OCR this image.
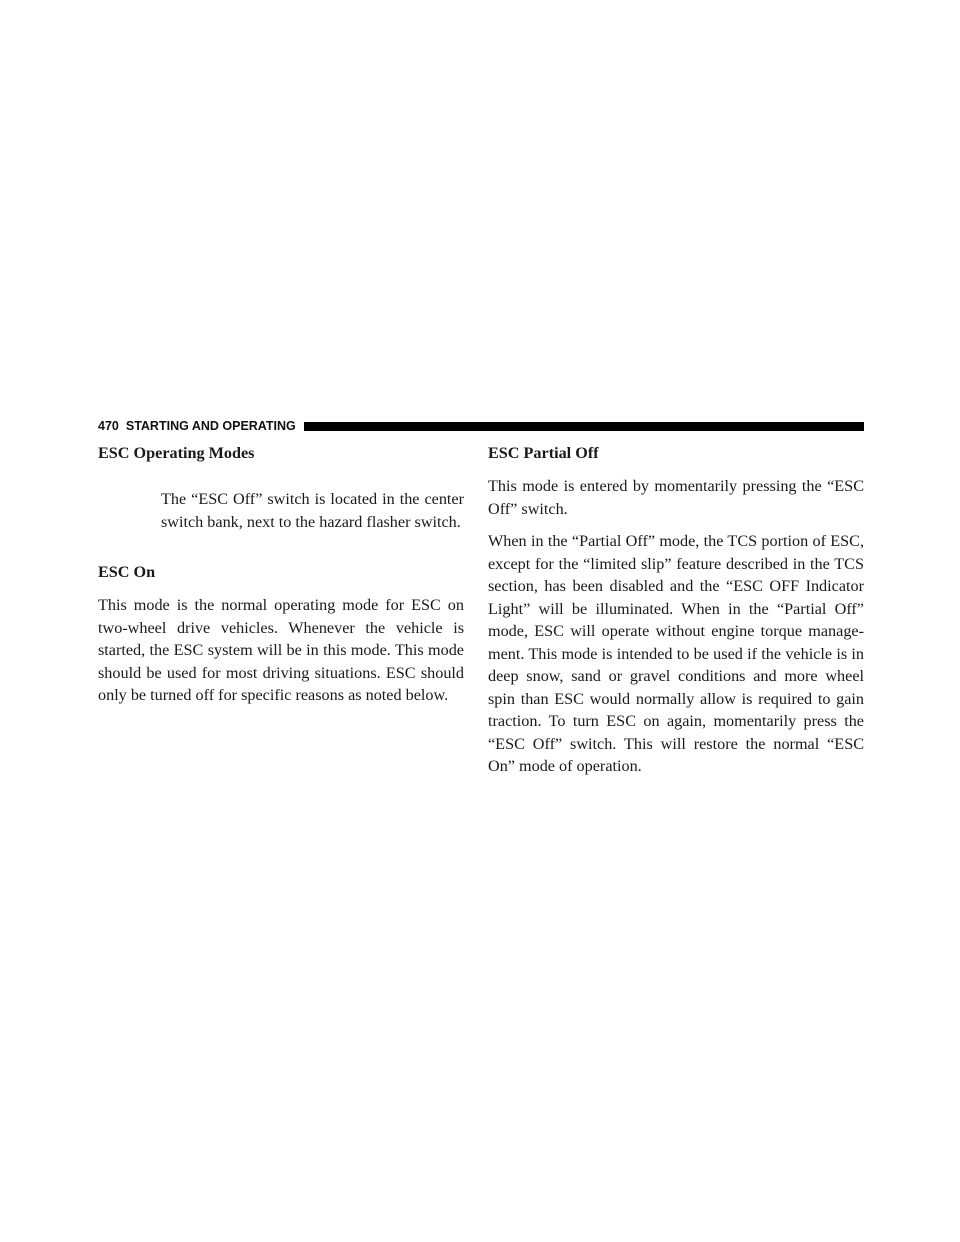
470 STARTING AND OPERATING
ESC Operating Modes

The “ESC Off” switch is located in the center switch bank, next to the hazard flasher switch.

ESC On

This mode is the normal operating mode for ESC on two-wheel drive vehicles. Whenever the vehicle is started, the ESC system will be in this mode. This mode should be used for most driving situations. ESC should only be turned off for specific reasons as noted below.

ESC Partial Off

This mode is entered by momentarily pressing the “ESC Off” switch.

When in the “Partial Off” mode, the TCS portion of ESC, except for the “limited slip” feature described in the TCS section, has been disabled and the “ESC OFF Indicator Light” will be illuminated. When in the “Partial Off” mode, ESC will operate without engine torque manage-ment. This mode is intended to be used if the vehicle is in deep snow, sand or gravel conditions and more wheel spin than ESC would normally allow is required to gain traction. To turn ESC on again, momentarily press the “ESC Off” switch. This will restore the normal “ESC On” mode of operation.
